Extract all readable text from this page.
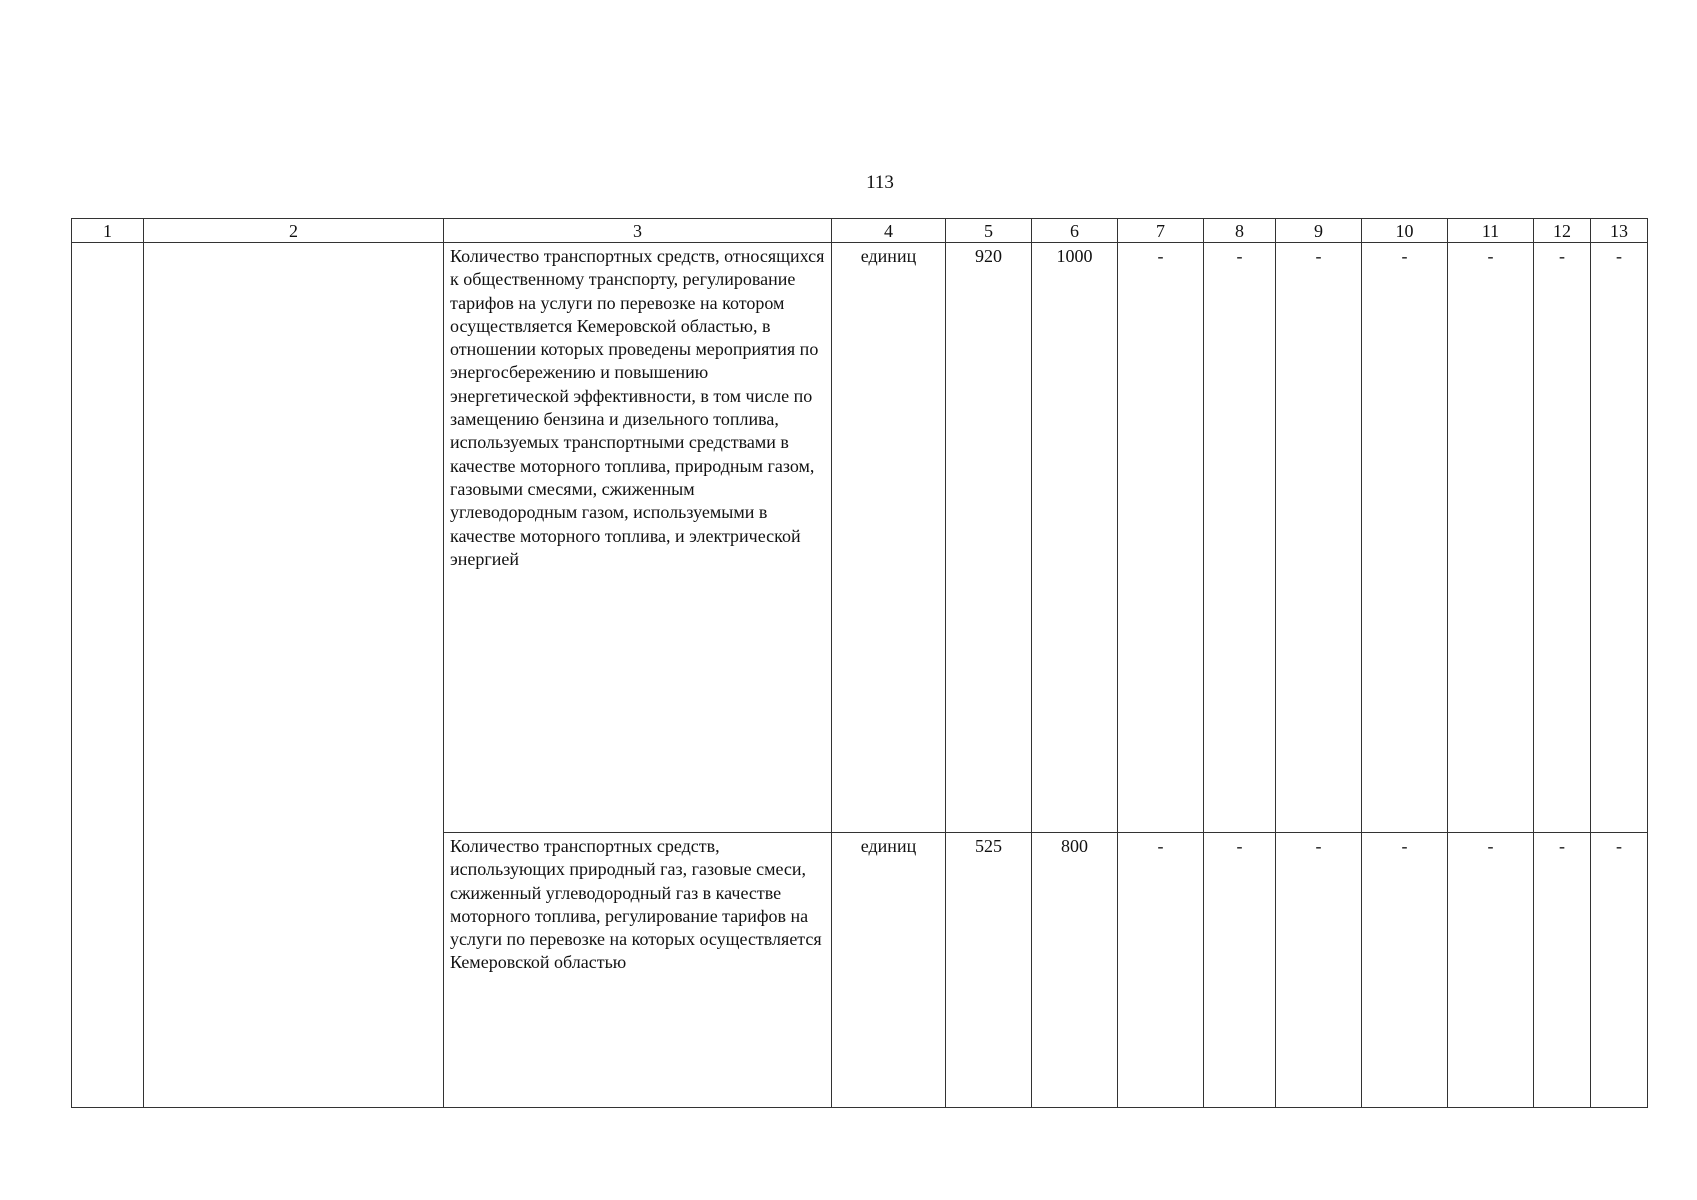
113
1	2	3	4	5	6	7	8	9	10	11	12	13
		Количество транспортных средств, относящихся к общественному транспорту, регулирование тарифов на услуги по перевозке на котором осуществляется Кемеровской областью, в отношении которых проведены мероприятия по энергосбережению и повышению энергетической эффективности, в том числе по замещению бензина и дизельного топлива, используемых транспортными средствами в качестве моторного топлива, природным газом, газовыми смесями, сжиженным углеводородным газом, используемыми в качестве моторного топлива, и электрической энергией	единиц	920	1000	-	-	-	-	-	-	-
		Количество транспортных средств, использующих природный газ, газовые смеси, сжиженный углеводородный газ в качестве моторного топлива, регулирование тарифов на услуги по перевозке на которых осуществляется Кемеровской областью	единиц	525	800	-	-	-	-	-	-	-
